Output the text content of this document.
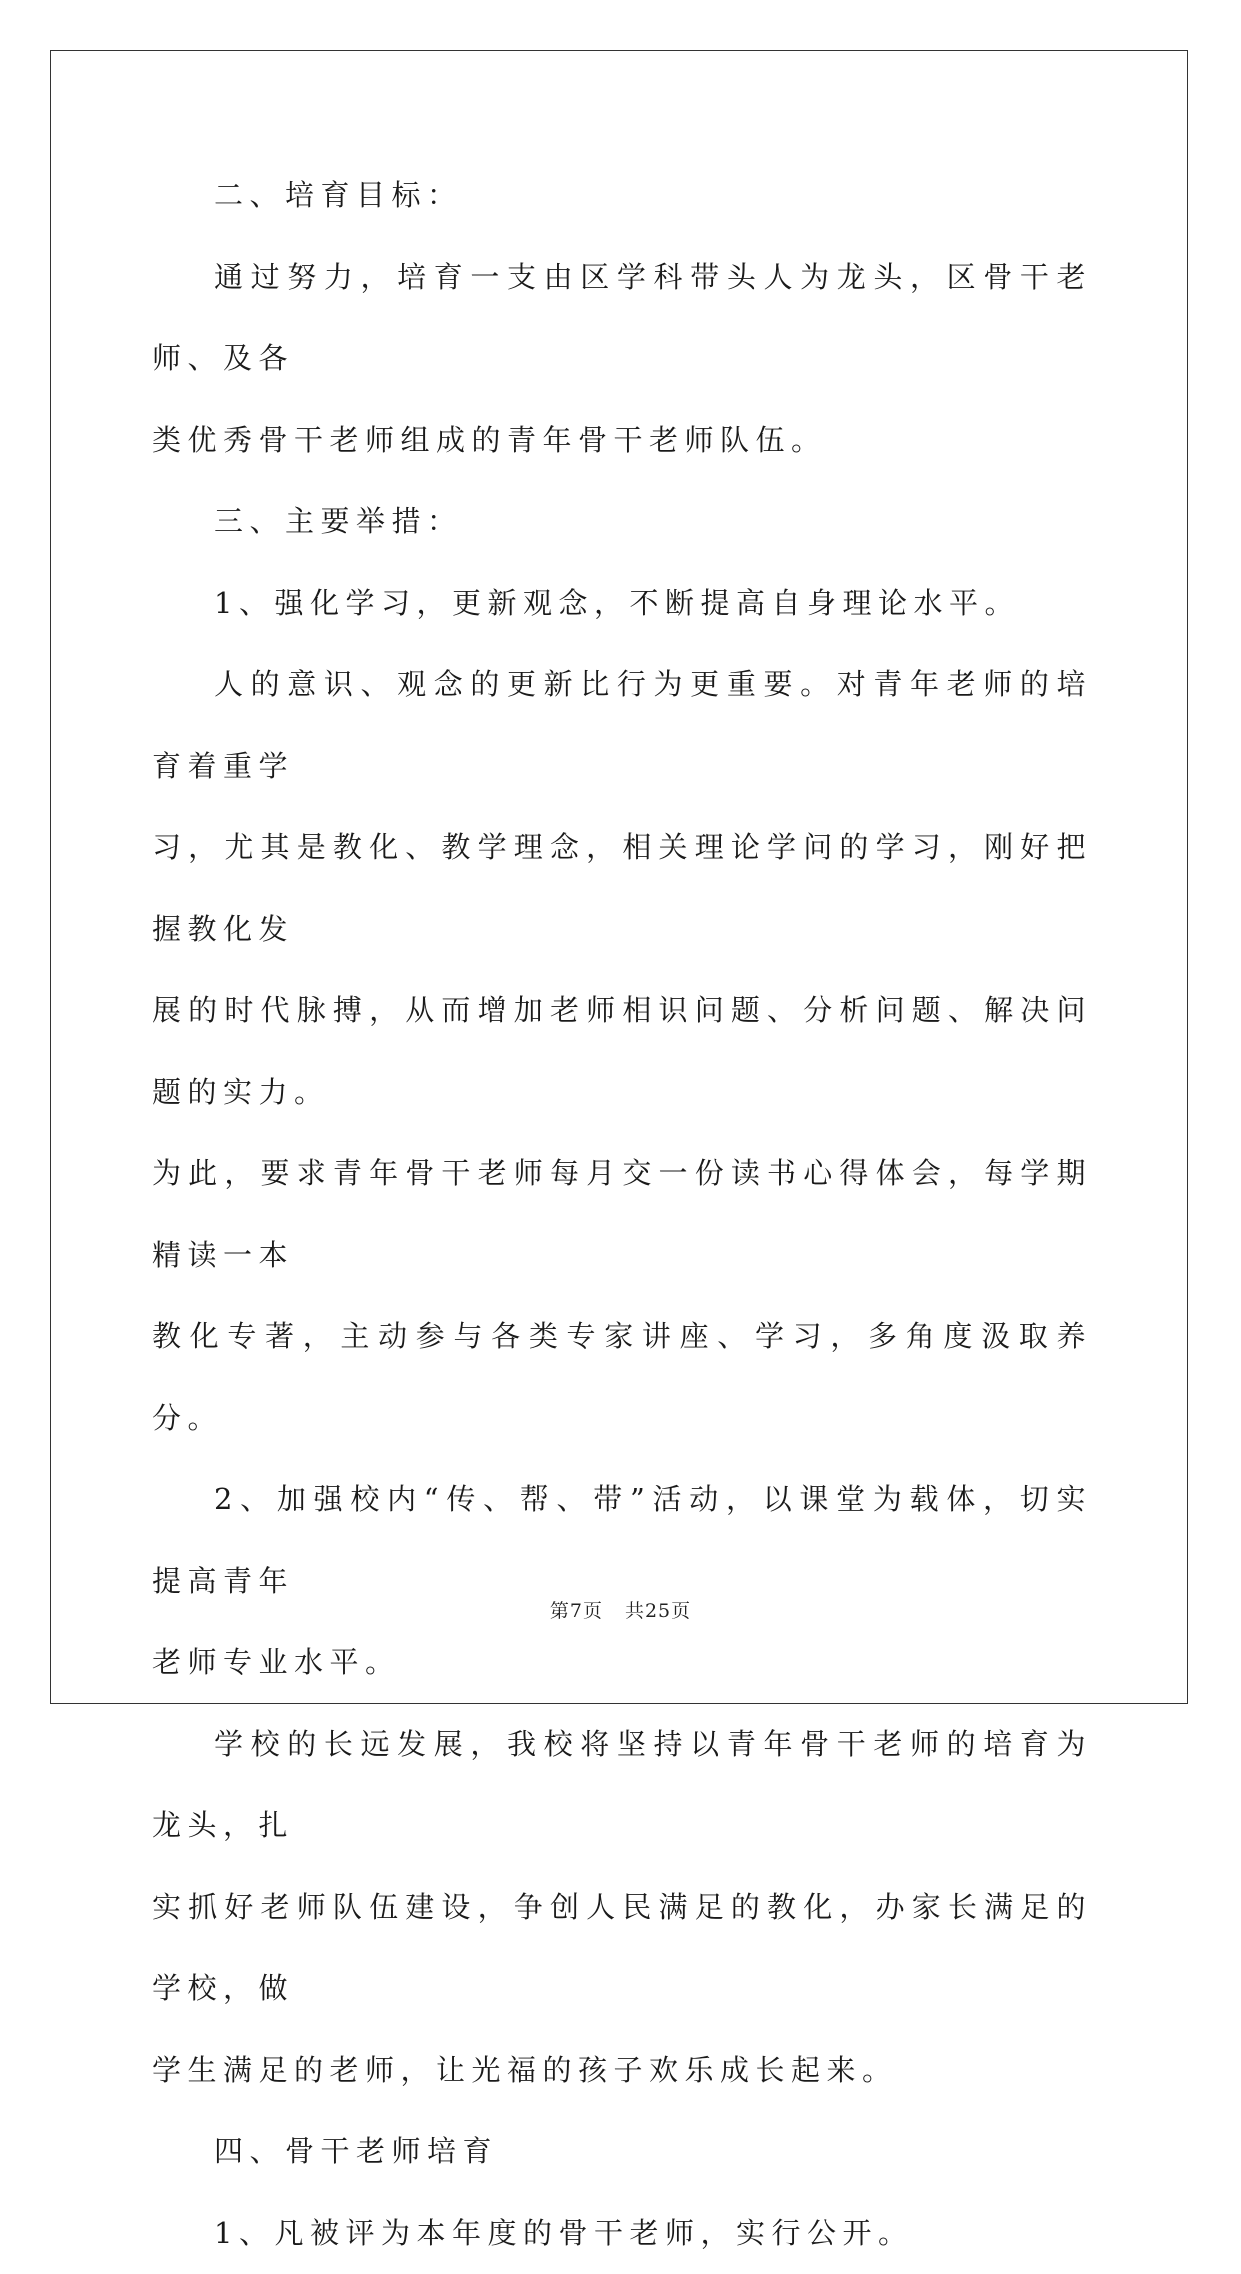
二、培育目标：

通过努力，培育一支由区学科带头人为龙头，区骨干老师、及各
类优秀骨干老师组成的青年骨干老师队伍。

三、主要举措：

1、强化学习，更新观念，不断提高自身理论水平。

人的意识、观念的更新比行为更重要。对青年老师的培育着重学
习，尤其是教化、教学理念，相关理论学问的学习，刚好把握教化发
展的时代脉搏，从而增加老师相识问题、分析问题、解决问题的实力。
为此，要求青年骨干老师每月交一份读书心得体会，每学期精读一本
教化专著，主动参与各类专家讲座、学习，多角度汲取养分。

2、加强校内“传、帮、带”活动，以课堂为载体，切实提高青年
老师专业水平。

学校的长远发展，我校将坚持以青年骨干老师的培育为龙头，扎
实抓好老师队伍建设，争创人民满足的教化，办家长满足的学校，做
学生满足的老师，让光福的孩子欢乐成长起来。

四、骨干老师培育

1、凡被评为本年度的骨干老师，实行公开。

第7页 共25页
